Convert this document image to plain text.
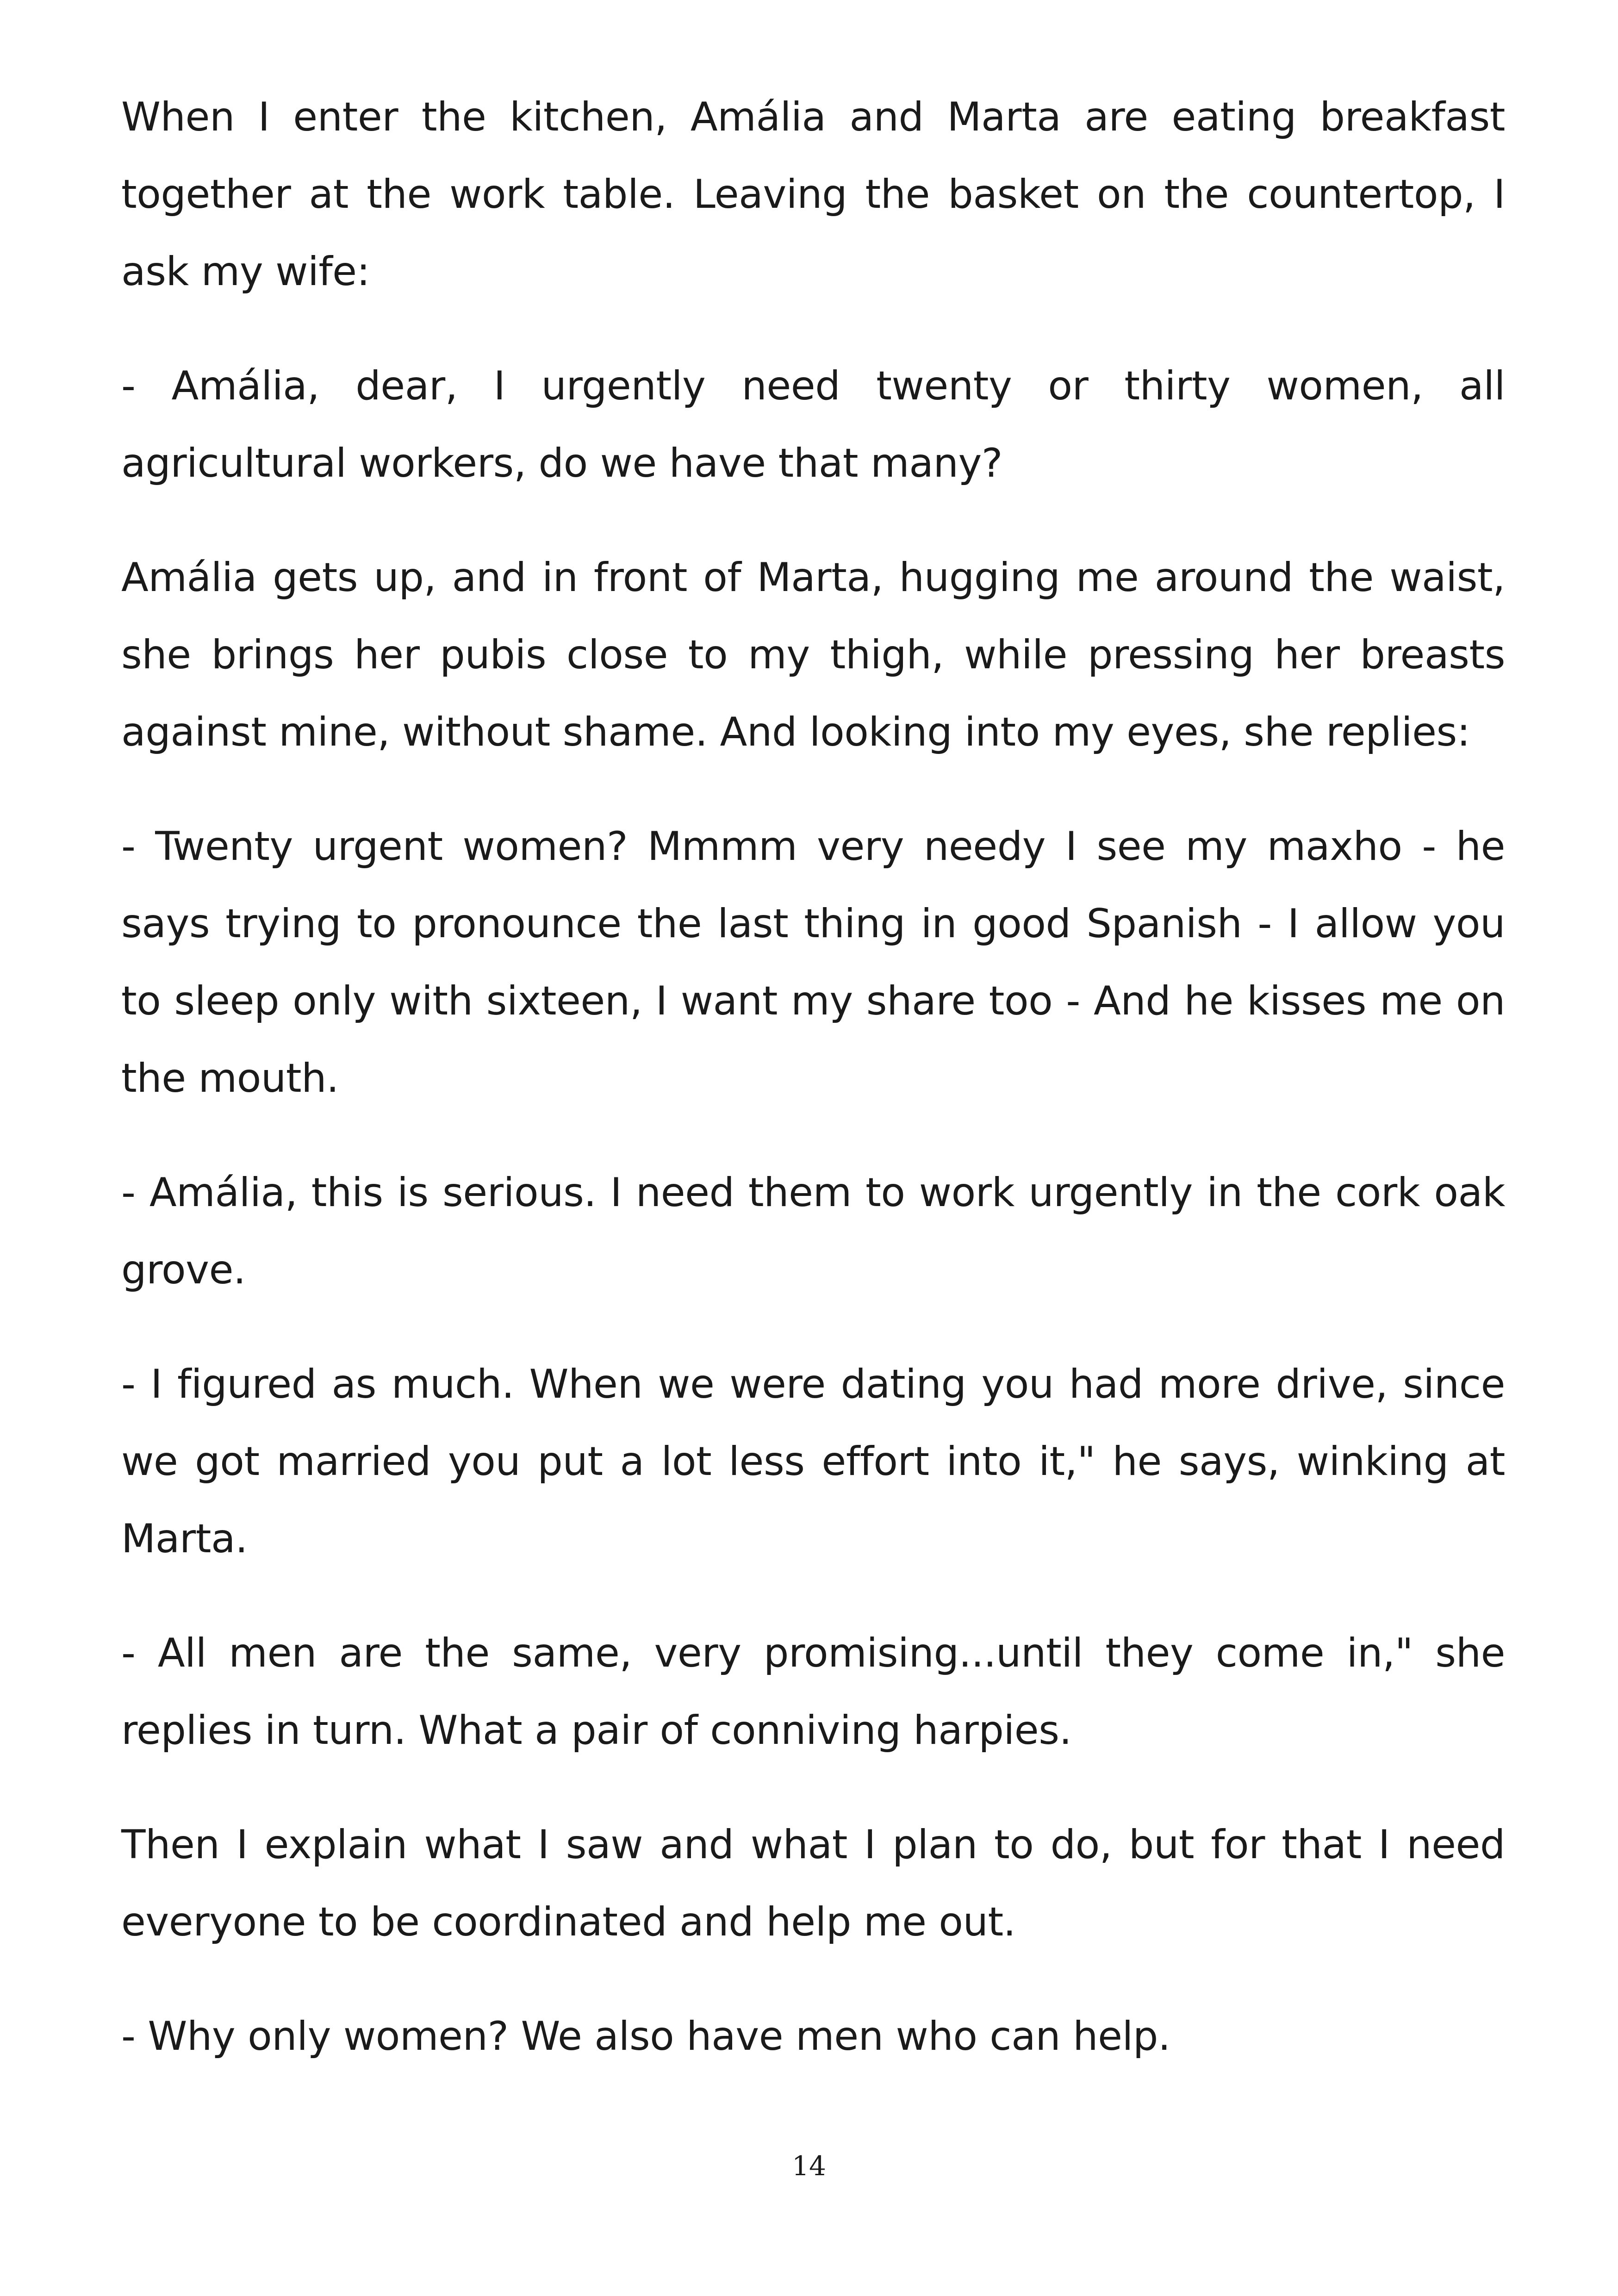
When I enter the kitchen, Amália and Marta are eating breakfast together at the work table. Leaving the basket on the countertop, I ask my wife:

- Amália, dear, I urgently need twenty or thirty women, all agricultural workers, do we have that many?

Amália gets up, and in front of Marta, hugging me around the waist, she brings her pubis close to my thigh, while pressing her breasts against mine, without shame. And looking into my eyes, she replies:

- Twenty urgent women? Mmmm very needy I see my maxho - he says trying to pronounce the last thing in good Spanish - I allow you to sleep only with sixteen, I want my share too - And he kisses me on the mouth.

- Amália, this is serious. I need them to work urgently in the cork oak grove.

- I figured as much. When we were dating you had more drive, since we got married you put a lot less effort into it," he says, winking at Marta.

- All men are the same, very promising...until they come in," she replies in turn. What a pair of conniving harpies.

Then I explain what I saw and what I plan to do, but for that I need everyone to be coordinated and help me out.

- Why only women? We also have men who can help.

14
